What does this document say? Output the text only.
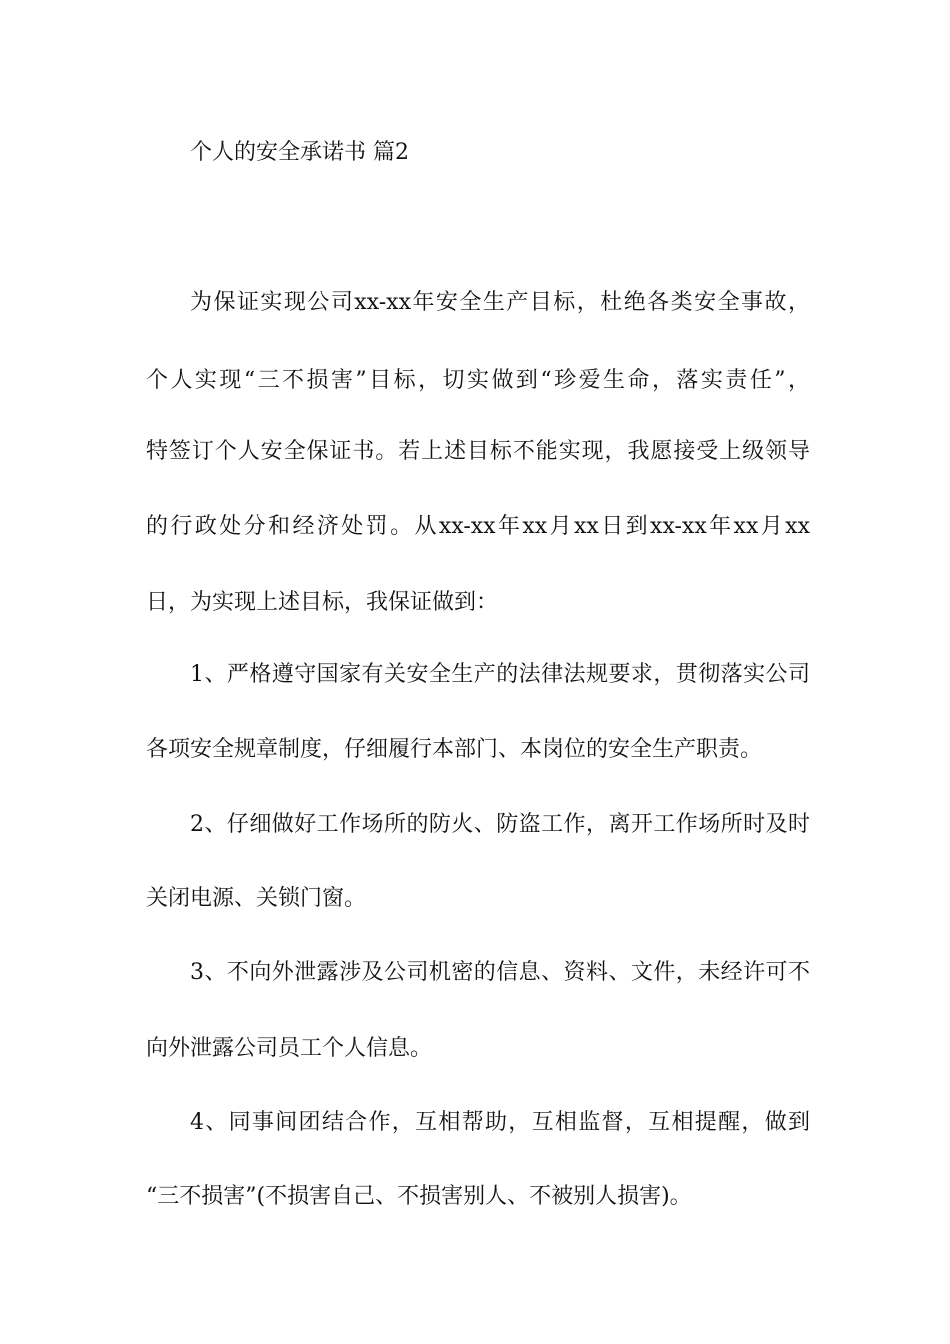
个人的安全承诺书 篇2
为保证实现公司xx-xx年安全生产目标，杜绝各类安全事故，
个人实现“三不损害”目标，切实做到“珍爱生命，落实责任”，
特签订个人安全保证书。若上述目标不能实现，我愿接受上级领导
的行政处分和经济处罚。从xx-xx年xx月xx日到xx-xx年xx月xx
日，为实现上述目标，我保证做到：
1、严格遵守国家有关安全生产的法律法规要求，贯彻落实公司
各项安全规章制度，仔细履行本部门、本岗位的安全生产职责。
2、仔细做好工作场所的防火、防盗工作，离开工作场所时及时
关闭电源、关锁门窗。
3、不向外泄露涉及公司机密的信息、资料、文件，未经许可不
向外泄露公司员工个人信息。
4、同事间团结合作，互相帮助，互相监督，互相提醒，做到
“三不损害”(不损害自己、不损害别人、不被别人损害)。
